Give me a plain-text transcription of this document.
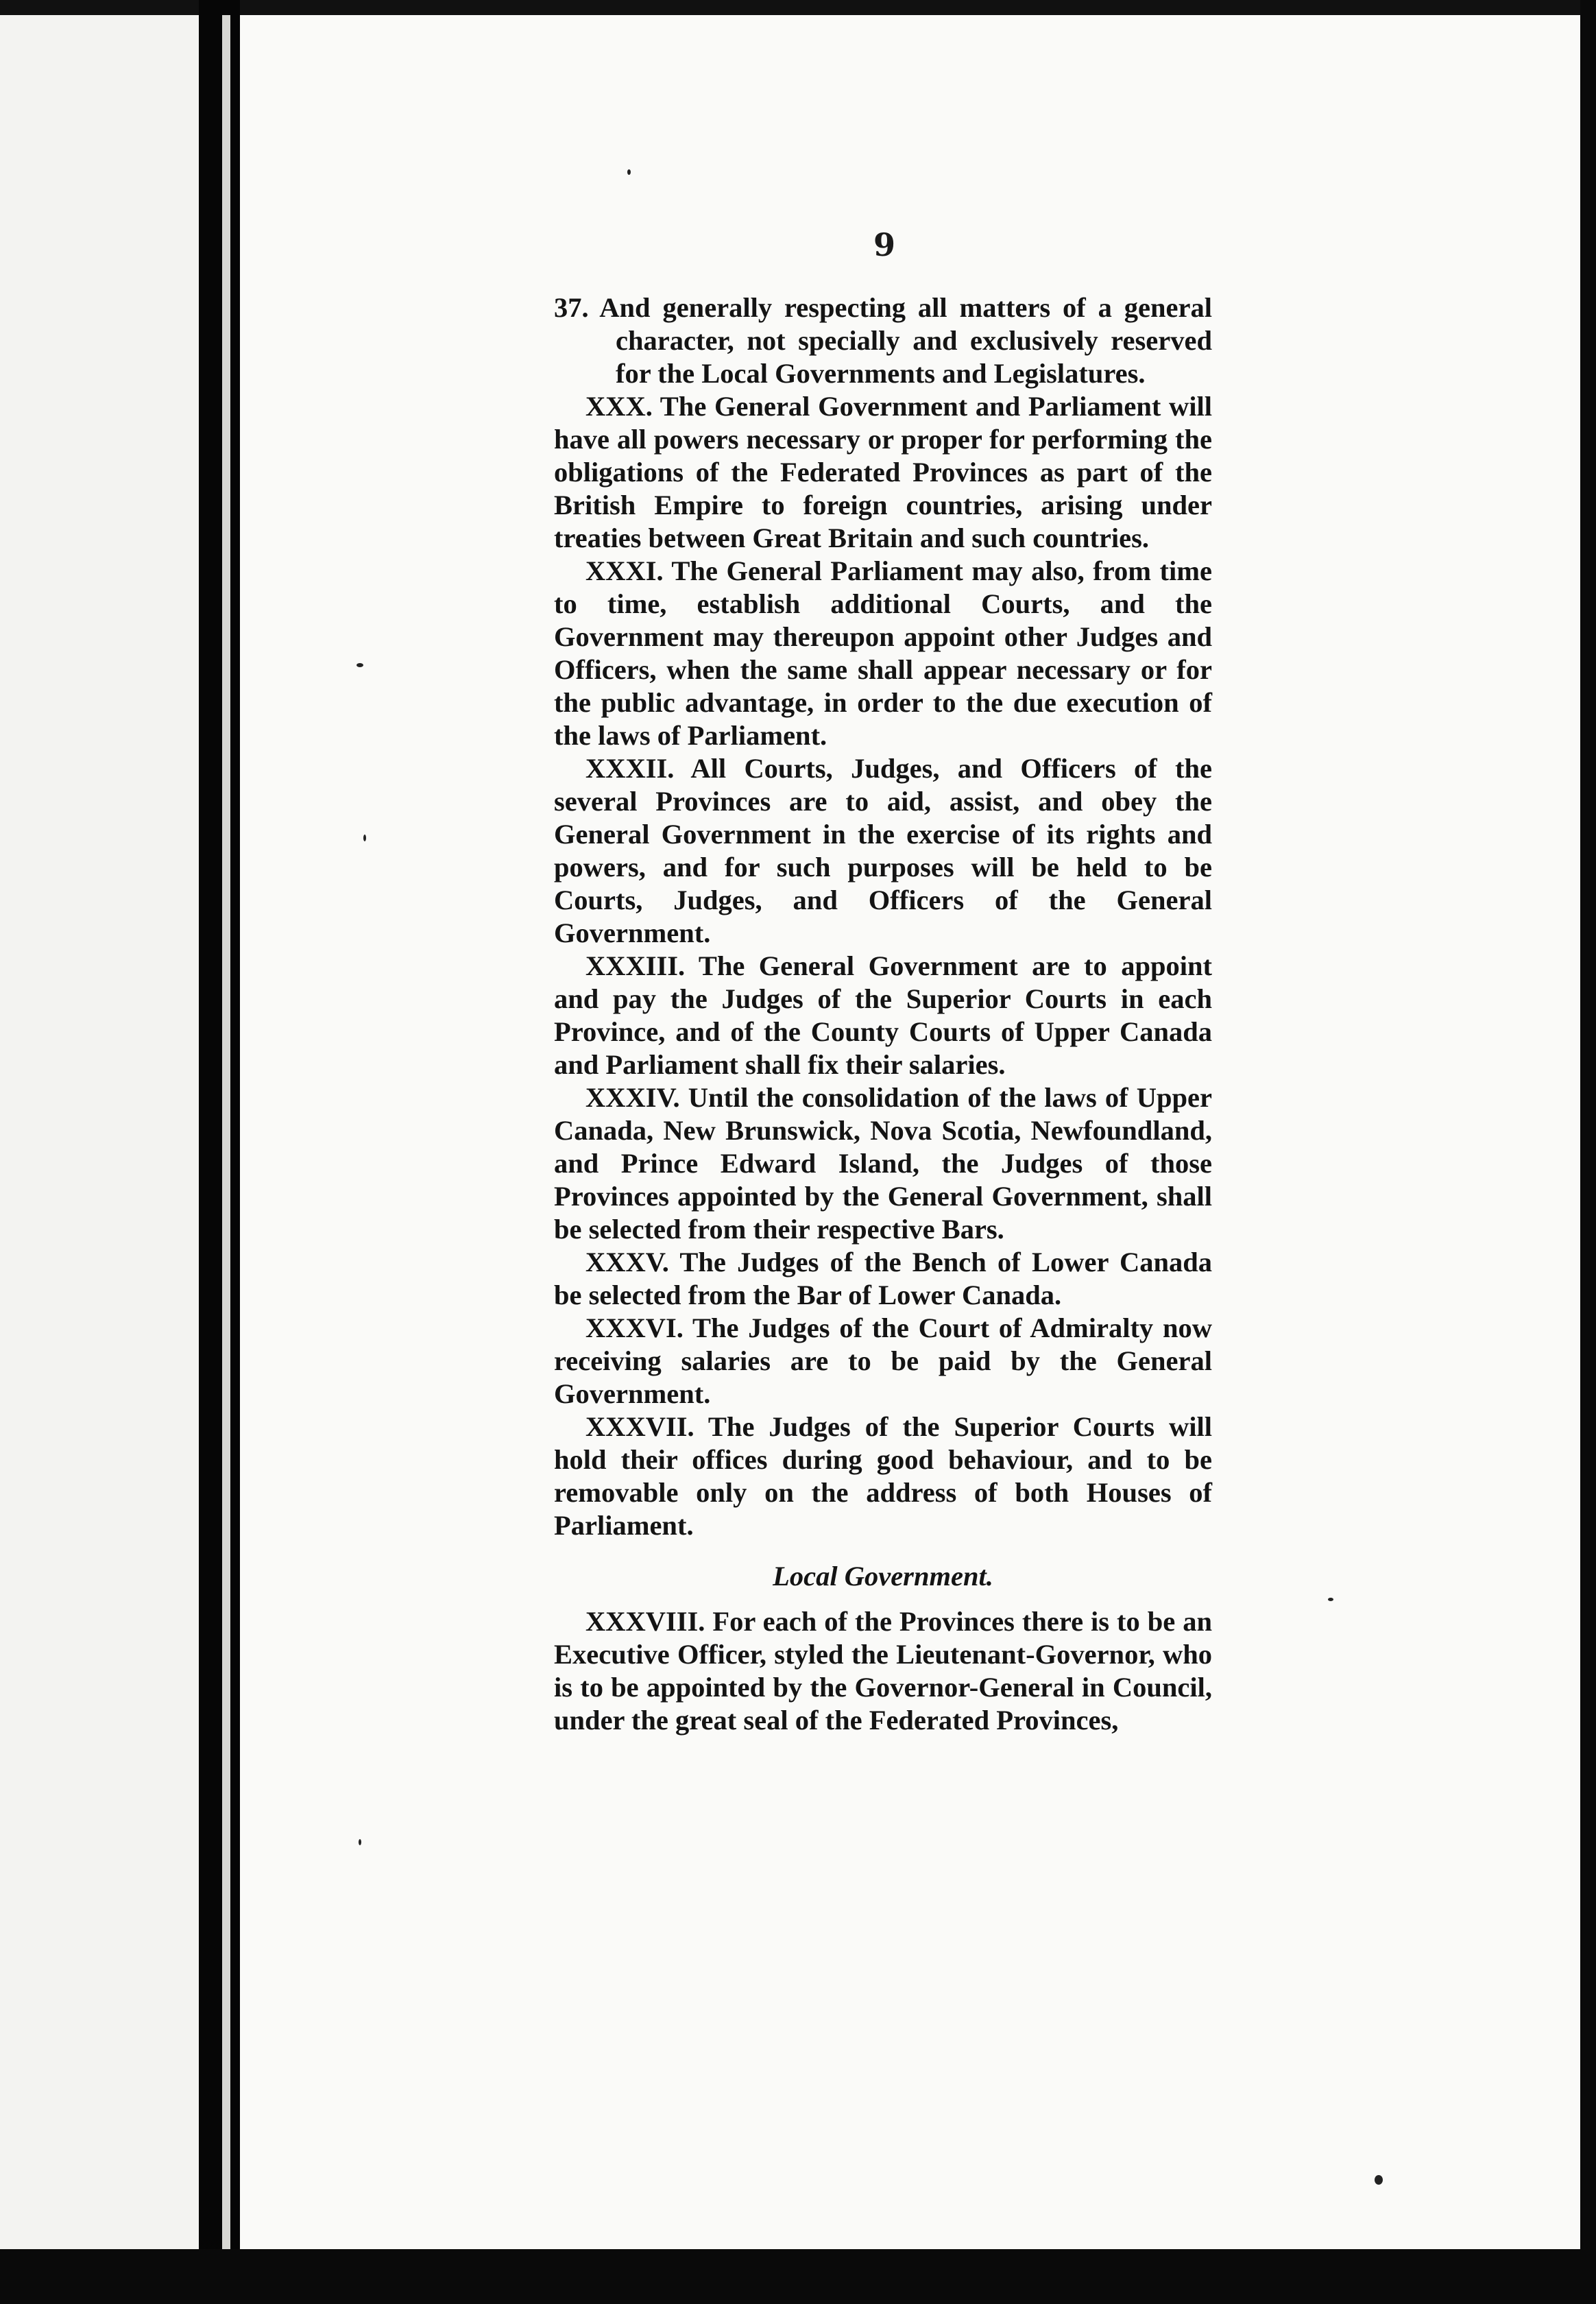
9

37. And generally respecting all matters of a general character, not specially and exclusively reserved for the Local Governments and Legislatures.

XXX. The General Government and Parliament will have all powers necessary or proper for performing the obligations of the Federated Provinces as part of the British Empire to foreign countries, arising under treaties between Great Britain and such countries.

XXXI. The General Parliament may also, from time to time, establish additional Courts, and the Government may thereupon appoint other Judges and Officers, when the same shall appear necessary or for the public advantage, in order to the due execution of the laws of Parliament.

XXXII. All Courts, Judges, and Officers of the several Provinces are to aid, assist, and obey the General Government in the exercise of its rights and powers, and for such purposes will be held to be Courts, Judges, and Officers of the General Government.

XXXIII. The General Government are to appoint and pay the Judges of the Superior Courts in each Province, and of the County Courts of Upper Canada and Parliament shall fix their salaries.

XXXIV. Until the consolidation of the laws of Upper Canada, New Brunswick, Nova Scotia, Newfoundland, and Prince Edward Island, the Judges of those Provinces appointed by the General Government, shall be selected from their respective Bars.

XXXV. The Judges of the Bench of Lower Canada be selected from the Bar of Lower Canada.

XXXVI. The Judges of the Court of Admiralty now receiving salaries are to be paid by the General Government.

XXXVII. The Judges of the Superior Courts will hold their offices during good behaviour, and to be removable only on the address of both Houses of Parliament.

Local Government.

XXXVIII. For each of the Provinces there is to be an Executive Officer, styled the Lieutenant-Governor, who is to be appointed by the Governor-General in Council, under the great seal of the Federated Provinces,
